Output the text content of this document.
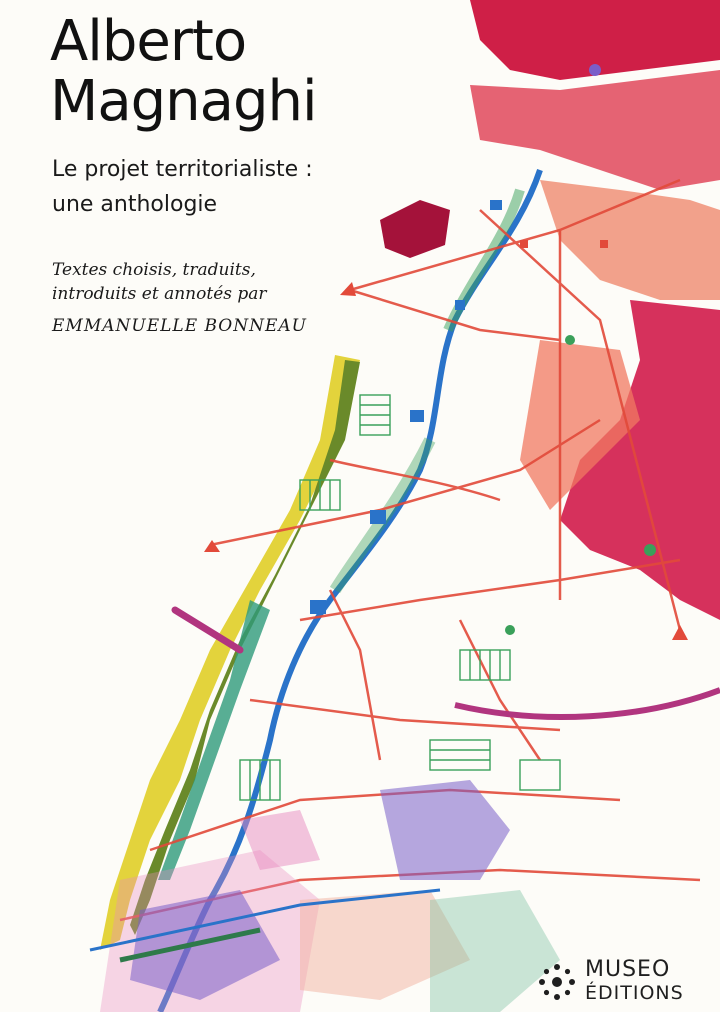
Alberto
Magnaghi
Le projet territorialiste :
une anthologie

Textes choisis, traduits,
introduits et annotés par

EMMANUELLE BONNEAU

MUSEO
ÉDITIONS
